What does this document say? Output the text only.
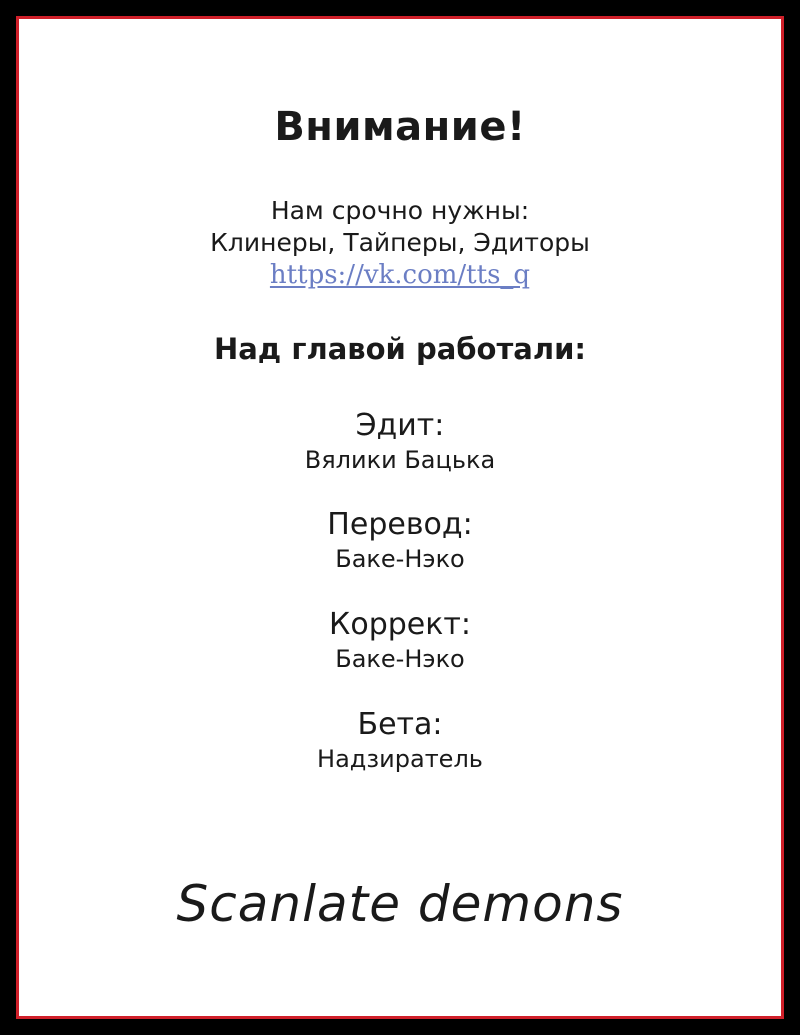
Внимание!
Нам срочно нужны:
Клинеры, Тайперы, Эдиторы
https://vk.com/tts_q
Над главой работали:
Эдит:
Вялики Бацька
Перевод:
Баке-Нэко
Коррект:
Баке-Нэко
Бета:
Надзиратель
Scanlate demons
